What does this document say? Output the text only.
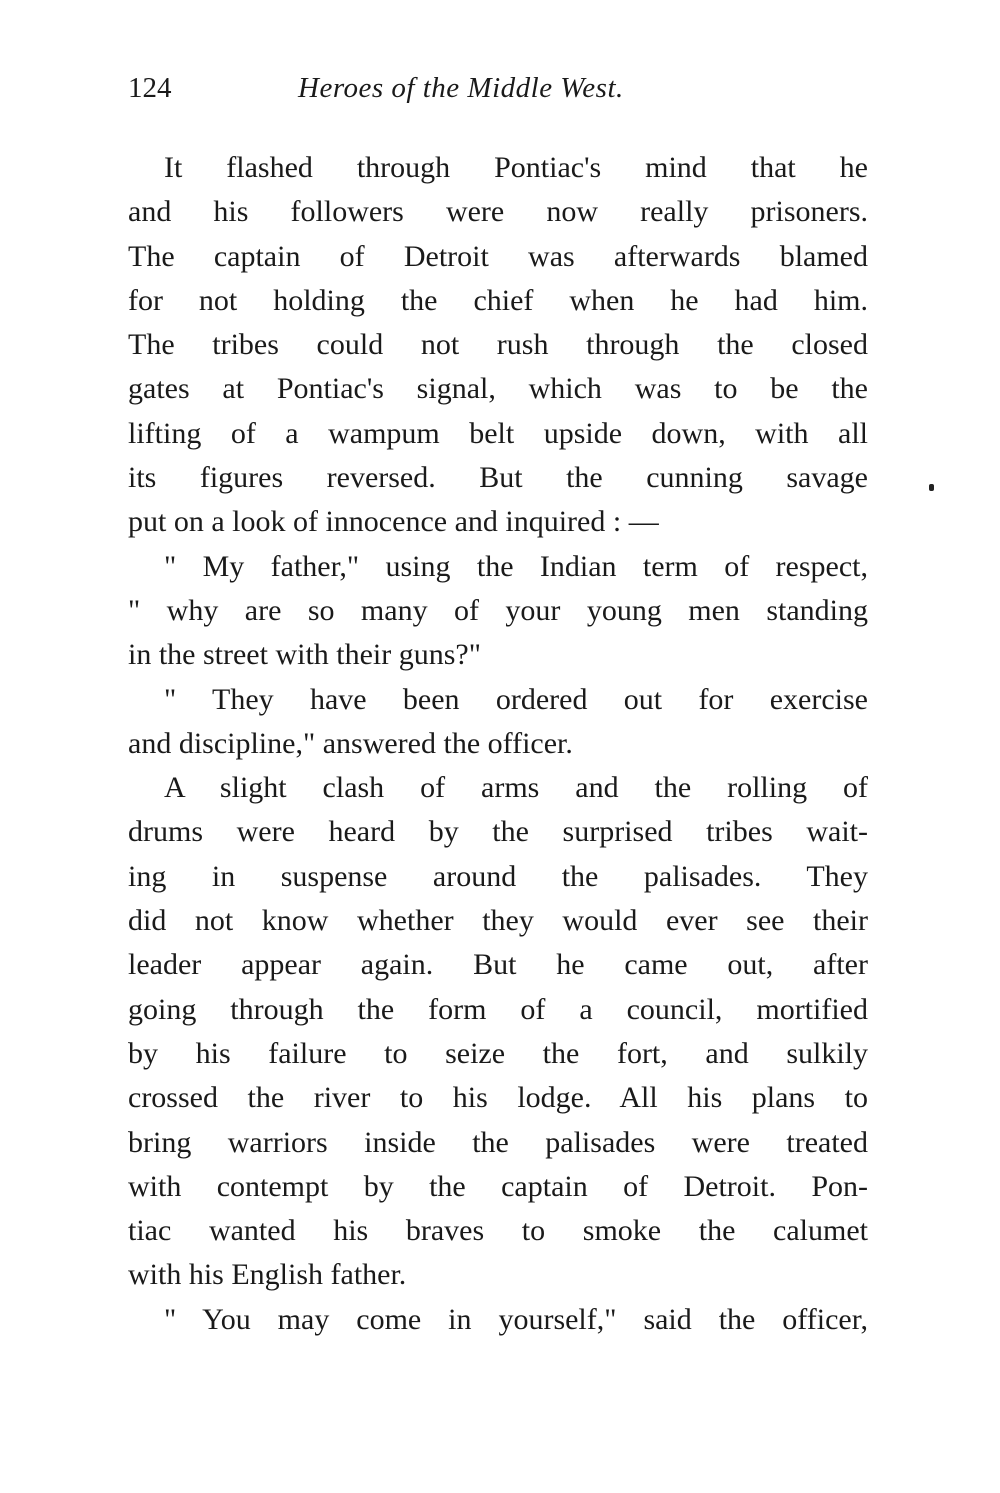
124	Heroes of the Middle West.
It flashed through Pontiac's mind that he
and his followers were now really prisoners.
The captain of Detroit was afterwards blamed
for not holding the chief when he had him.
The tribes could not rush through the closed
gates at Pontiac's signal, which was to be the
lifting of a wampum belt upside down, with all
its figures reversed. But the cunning savage
put on a look of innocence and inquired : —
" My father," using the Indian term of respect,
" why are so many of your young men standing
in the street with their guns?"
" They have been ordered out for exercise
and discipline," answered the officer.
A slight clash of arms and the rolling of
drums were heard by the surprised tribes wait-
ing in suspense around the palisades. They
did not know whether they would ever see their
leader appear again. But he came out, after
going through the form of a council, mortified
by his failure to seize the fort, and sulkily
crossed the river to his lodge. All his plans to
bring warriors inside the palisades were treated
with contempt by the captain of Detroit. Pon-
tiac wanted his braves to smoke the calumet
with his English father.
" You may come in yourself," said the officer,
